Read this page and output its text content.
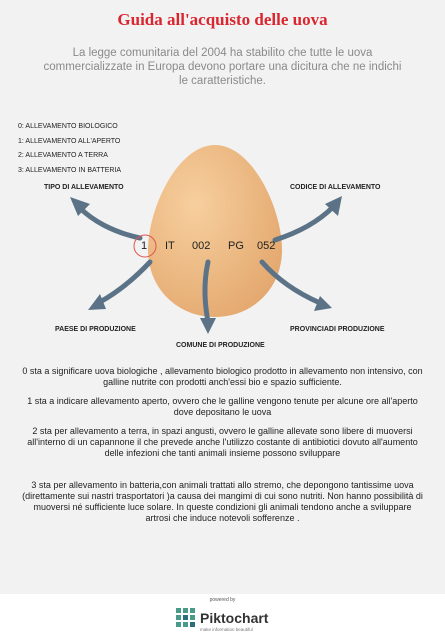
Guida all'acquisto delle uova
La legge comunitaria del 2004 ha stabilito che tutte le uova commercializzate in Europa devono portare una dicitura che ne indichi le caratteristiche.
0: ALLEVAMENTO BIOLOGICO
1: ALLEVAMENTO ALL'APERTO
2: ALLEVAMENTO A TERRA
3: ALLEVAMENTO IN BATTERIA
TIPO DI ALLEVAMENTO	CODICE DI ALLEVAMENTO
PAESE DI PRODUZIONE
COMUNE DI PRODUZIONE
PROVINCIADI PRODUZIONE
1 IT 002 PG 052
0 sta a significare uova biologiche , allevamento biologico prodotto in allevamento non intensivo, con galline nutrite con prodotti anch'essi bio e spazio sufficiente.
1 sta a indicare allevamento aperto, ovvero che le galline vengono tenute per alcune ore all'aperto dove depositano le uova
2 sta per allevamento a terra, in spazi angusti, ovvero le galline allevate sono libere di muoversi all'interno di un capannone il che prevede anche l'utilizzo costante di antibiotici dovuto all'aumento delle infezioni che tanti animali insieme possono sviluppare
3 sta per allevamento in batteria,con animali trattati allo stremo, che depongono tantissime uova (direttamente sui nastri trasportatori )a causa dei mangimi di cui sono nutriti. Non hanno possibilità di muoversi né sufficiente luce solare. In queste condizioni gli animali tendono anche a sviluppare artrosi che induce notevoli sofferenze .
powered by
Piktochart
make information beautiful
